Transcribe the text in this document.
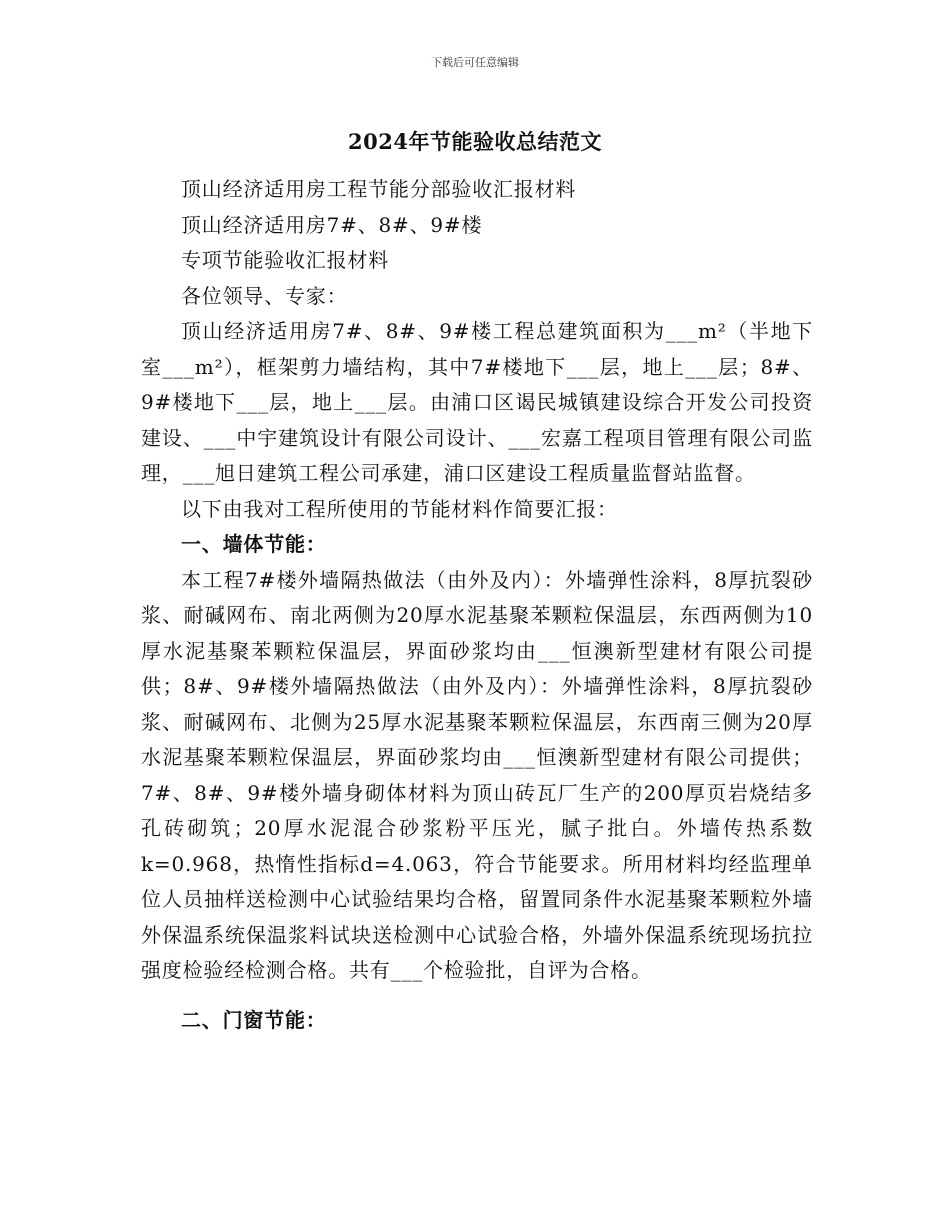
下载后可任意编辑
2024年节能验收总结范文

顶山经济适用房工程节能分部验收汇报材料

顶山经济适用房7#、8#、9#楼

专项节能验收汇报材料

各位领导、专家：

顶山经济适用房7#、8#、9#楼工程总建筑面积为___m²（半地下室___m²），框架剪力墙结构，其中7#楼地下___层，地上___层；8#、9#楼地下___层，地上___层。由浦口区谒民城镇建设综合开发公司投资建设、___中宇建筑设计有限公司设计、___宏嘉工程项目管理有限公司监理，___旭日建筑工程公司承建，浦口区建设工程质量监督站监督。

以下由我对工程所使用的节能材料作简要汇报：

一、墙体节能：

本工程7#楼外墙隔热做法（由外及内）：外墙弹性涂料，8厚抗裂砂浆、耐碱网布、南北两侧为20厚水泥基聚苯颗粒保温层，东西两侧为10厚水泥基聚苯颗粒保温层，界面砂浆均由___恒澳新型建材有限公司提供；8#、9#楼外墙隔热做法（由外及内）：外墙弹性涂料，8厚抗裂砂浆、耐碱网布、北侧为25厚水泥基聚苯颗粒保温层，东西南三侧为20厚水泥基聚苯颗粒保温层，界面砂浆均由___恒澳新型建材有限公司提供；7#、8#、9#楼外墙身砌体材料为顶山砖瓦厂生产的200厚页岩烧结多孔砖砌筑；20厚水泥混合砂浆粉平压光，腻子批白。外墙传热系数k=0.968，热惰性指标d=4.063，符合节能要求。所用材料均经监理单位人员抽样送检测中心试验结果均合格，留置同条件水泥基聚苯颗粒外墙外保温系统保温浆料试块送检测中心试验合格，外墙外保温系统现场抗拉强度检验经检测合格。共有___个检验批，自评为合格。

二、门窗节能：
